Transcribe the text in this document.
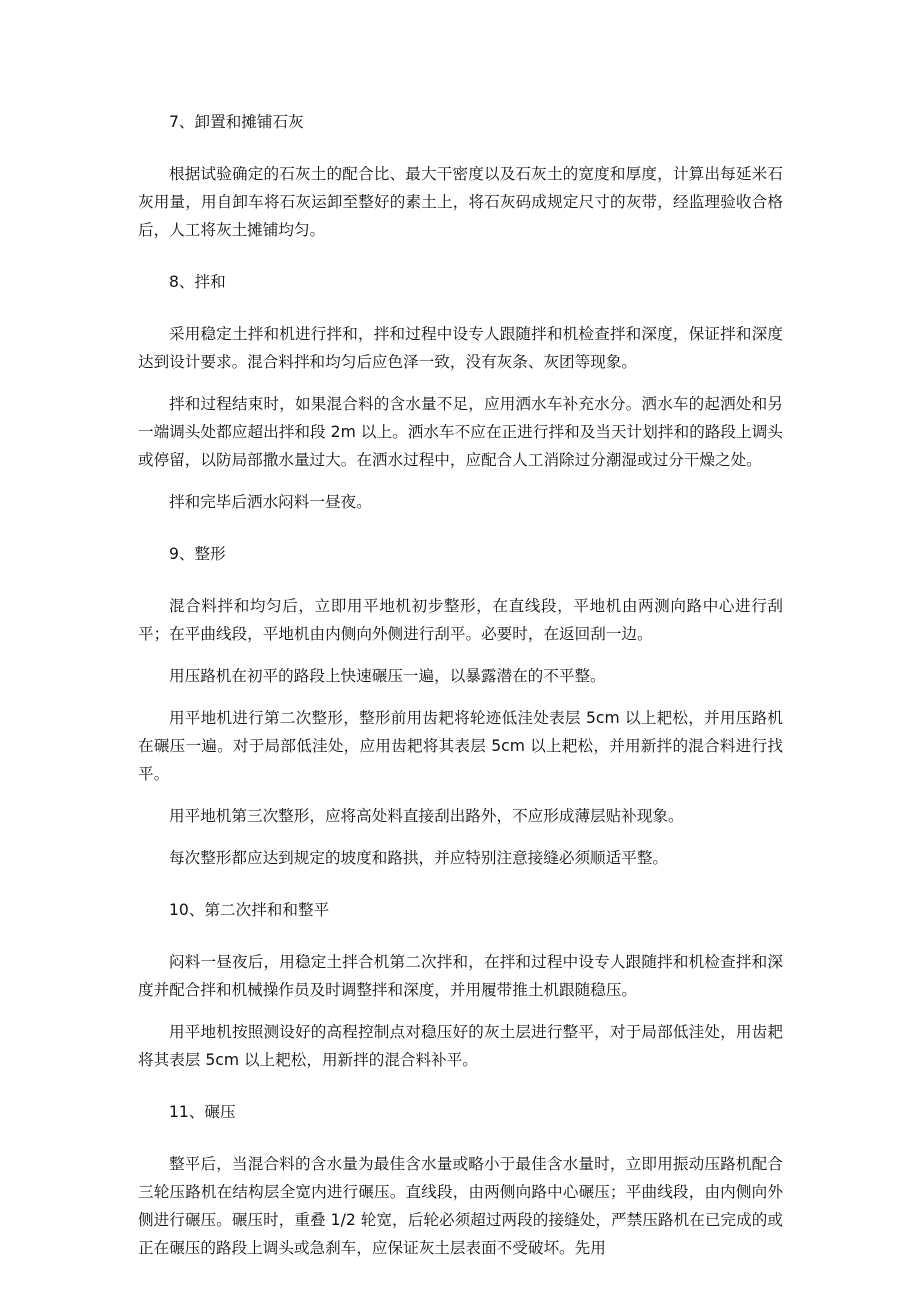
7、卸置和摊铺石灰

根据试验确定的石灰土的配合比、最大干密度以及石灰土的宽度和厚度，计算出每延米石灰用量，用自卸车将石灰运卸至整好的素土上，将石灰码成规定尺寸的灰带，经监理验收合格后，人工将灰土摊铺均匀。

8、拌和

采用稳定土拌和机进行拌和，拌和过程中设专人跟随拌和机检查拌和深度，保证拌和深度达到设计要求。混合料拌和均匀后应色泽一致，没有灰条、灰团等现象。

拌和过程结束时，如果混合料的含水量不足，应用洒水车补充水分。洒水车的起洒处和另一端调头处都应超出拌和段 2m 以上。洒水车不应在正进行拌和及当天计划拌和的路段上调头或停留，以防局部撒水量过大。在洒水过程中，应配合人工消除过分潮湿或过分干燥之处。

拌和完毕后洒水闷料一昼夜。

9、整形

混合料拌和均匀后，立即用平地机初步整形，在直线段，平地机由两测向路中心进行刮平；在平曲线段，平地机由内侧向外侧进行刮平。必要时，在返回刮一边。

用压路机在初平的路段上快速碾压一遍，以暴露潜在的不平整。

用平地机进行第二次整形，整形前用齿耙将轮迹低洼处表层 5cm 以上耙松，并用压路机在碾压一遍。对于局部低洼处，应用齿耙将其表层 5cm 以上耙松，并用新拌的混合料进行找平。

用平地机第三次整形，应将高处料直接刮出路外，不应形成薄层贴补现象。

每次整形都应达到规定的坡度和路拱，并应特别注意接缝必须顺适平整。

10、第二次拌和和整平

闷料一昼夜后，用稳定土拌合机第二次拌和，在拌和过程中设专人跟随拌和机检查拌和深度并配合拌和机械操作员及时调整拌和深度，并用履带推土机跟随稳压。

用平地机按照测设好的高程控制点对稳压好的灰土层进行整平，对于局部低洼处，用齿耙将其表层 5cm 以上耙松，用新拌的混合料补平。

11、碾压

整平后，当混合料的含水量为最佳含水量或略小于最佳含水量时，立即用振动压路机配合三轮压路机在结构层全宽内进行碾压。直线段，由两侧向路中心碾压；平曲线段，由内侧向外侧进行碾压。碾压时，重叠 1/2 轮宽，后轮必须超过两段的接缝处，严禁压路机在已完成的或正在碾压的路段上调头或急刹车，应保证灰土层表面不受破坏。先用
